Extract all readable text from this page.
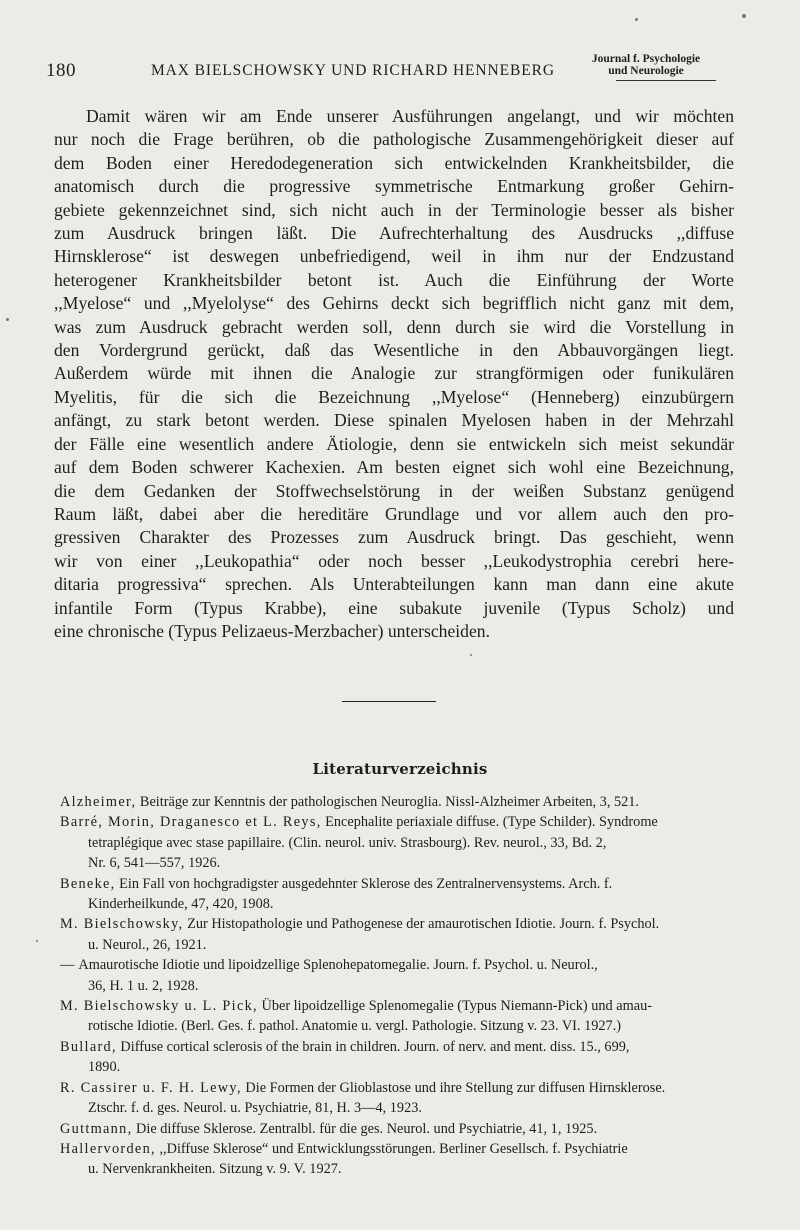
180	MAX BIELSCHOWSKY UND RICHARD HENNEBERG
Journal f. Psychologie
und Neurologie
Damit wären wir am Ende unserer Ausführungen angelangt, und wir möchten
nur noch die Frage berühren, ob die pathologische Zusammengehörigkeit dieser auf
dem Boden einer Heredodegeneration sich entwickelnden Krankheitsbilder, die
anatomisch durch die progressive symmetrische Entmarkung großer Gehirn-
gebiete gekennzeichnet sind, sich nicht auch in der Terminologie besser als bisher
zum Ausdruck bringen läßt. Die Aufrechterhaltung des Ausdrucks ,,diffuse
Hirnsklerose“ ist deswegen unbefriedigend, weil in ihm nur der Endzustand
heterogener Krankheitsbilder betont ist. Auch die Einführung der Worte
,,Myelose“ und ,,Myelolyse“ des Gehirns deckt sich begrifflich nicht ganz mit dem,
was zum Ausdruck gebracht werden soll, denn durch sie wird die Vorstellung in
den Vordergrund gerückt, daß das Wesentliche in den Abbauvorgängen liegt.
Außerdem würde mit ihnen die Analogie zur strangförmigen oder funikulären
Myelitis, für die sich die Bezeichnung ,,Myelose“ (Henneberg) einzubürgern
anfängt, zu stark betont werden. Diese spinalen Myelosen haben in der Mehrzahl
der Fälle eine wesentlich andere Ätiologie, denn sie entwickeln sich meist sekundär
auf dem Boden schwerer Kachexien. Am besten eignet sich wohl eine Bezeichnung,
die dem Gedanken der Stoffwechselstörung in der weißen Substanz genügend
Raum läßt, dabei aber die hereditäre Grundlage und vor allem auch den pro-
gressiven Charakter des Prozesses zum Ausdruck bringt. Das geschieht, wenn
wir von einer ,,Leukopathia“ oder noch besser ,,Leukodystrophia cerebri here-
ditaria progressiva“ sprechen. Als Unterabteilungen kann man dann eine akute
infantile Form (Typus Krabbe), eine subakute juvenile (Typus Scholz) und
eine chronische (Typus Pelizaeus-Merzbacher) unterscheiden.
Literaturverzeichnis
Alzheimer, Beiträge zur Kenntnis der pathologischen Neuroglia. Nissl-Alzheimer Arbeiten, 3, 521.
Barré, Morin, Draganesco et L. Reys, Encephalite periaxiale diffuse. (Type Schilder). Syndrome
tetraplégique avec stase papillaire. (Clin. neurol. univ. Strasbourg). Rev. neurol., 33, Bd. 2,
Nr. 6, 541—557, 1926.
Beneke, Ein Fall von hochgradigster ausgedehnter Sklerose des Zentralnervensystems. Arch. f.
Kinderheilkunde, 47, 420, 1908.
M. Bielschowsky, Zur Histopathologie und Pathogenese der amaurotischen Idiotie. Journ. f. Psychol.
u. Neurol., 26, 1921.
— Amaurotische Idiotie und lipoidzellige Splenohepatomegalie. Journ. f. Psychol. u. Neurol.,
36, H. 1 u. 2, 1928.
M. Bielschowsky u. L. Pick, Über lipoidzellige Splenomegalie (Typus Niemann-Pick) und amau-
rotische Idiotie. (Berl. Ges. f. pathol. Anatomie u. vergl. Pathologie. Sitzung v. 23. VI. 1927.)
Bullard, Diffuse cortical sclerosis of the brain in children. Journ. of nerv. and ment. diss. 15., 699,
1890.
R. Cassirer u. F. H. Lewy, Die Formen der Glioblastose und ihre Stellung zur diffusen Hirnsklerose.
Ztschr. f. d. ges. Neurol. u. Psychiatrie, 81, H. 3—4, 1923.
Guttmann, Die diffuse Sklerose. Zentralbl. für die ges. Neurol. und Psychiatrie, 41, 1, 1925.
Hallervorden, ,,Diffuse Sklerose“ und Entwicklungsstörungen. Berliner Gesellsch. f. Psychiatrie
u. Nervenkrankheiten. Sitzung v. 9. V. 1927.
